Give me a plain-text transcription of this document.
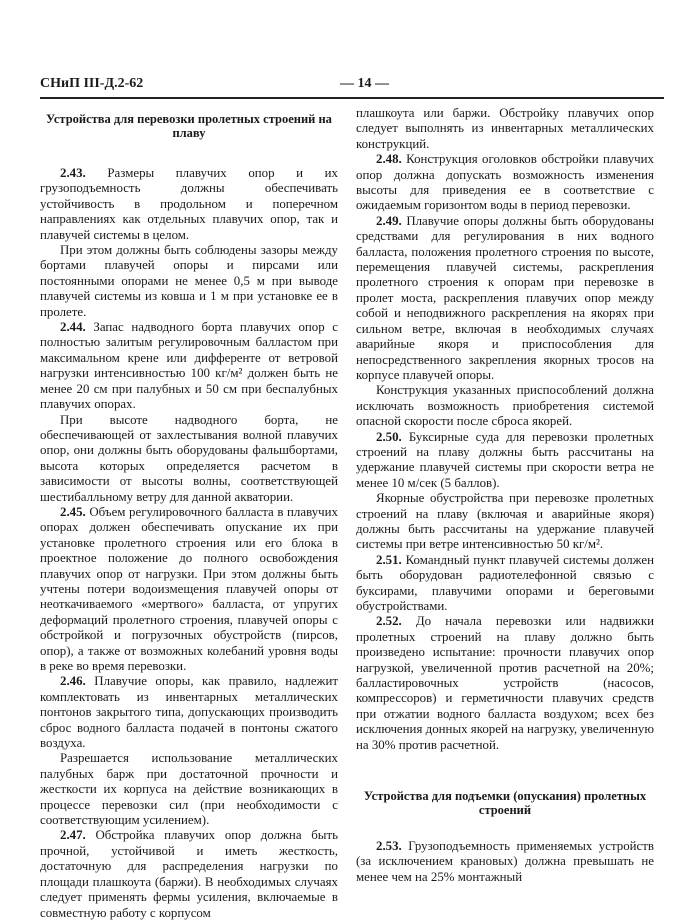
СНиП III-Д.2-62	— 14 —
Устройства для перевозки пролетных строений на плаву

2.43. Размеры плавучих опор и их грузоподъемность должны обеспечивать устойчивость в продольном и поперечном направлениях как отдельных плавучих опор, так и плавучей системы в целом.

При этом должны быть соблюдены зазоры между бортами плавучей опоры и пирсами или постоянными опорами не менее 0,5 м при выводе плавучей системы из ковша и 1 м при установке ее в пролете.

2.44. Запас надводного борта плавучих опор с полностью залитым регулировочным балластом при максимальном крене или дифференте от ветровой нагрузки интенсивностью 100 кг/м² должен быть не менее 20 см при палубных и 50 см при беспалубных плавучих опорах.

При высоте надводного борта, не обеспечивающей от захлестывания волной плавучих опор, они должны быть оборудованы фальшбортами, высота которых определяется расчетом в зависимости от высоты волны, соответствующей шестибалльному ветру для данной акватории.

2.45. Объем регулировочного балласта в плавучих опорах должен обеспечивать опускание их при установке пролетного строения или его блока в проектное положение до полного освобождения плавучих опор от нагрузки. При этом должны быть учтены потери водоизмещения плавучей опоры от неоткачиваемого «мертвого» балласта, от упругих деформаций пролетного строения, плавучей опоры с обстройкой и погрузочных обустройств (пирсов, опор), а также от возможных колебаний уровня воды в реке во время перевозки.

2.46. Плавучие опоры, как правило, надлежит комплектовать из инвентарных металлических понтонов закрытого типа, допускающих производить сброс водного балласта подачей в понтоны сжатого воздуха.

Разрешается использование металлических палубных барж при достаточной прочности и жесткости их корпуса на действие возникающих в процессе перевозки сил (при необходимости с соответствующим усилением).

2.47. Обстройка плавучих опор должна быть прочной, устойчивой и иметь жесткость, достаточную для распределения нагрузки по площади плашкоута (баржи). В необходимых случаях следует применять фермы усиления, включаемые в совместную работу с корпусом

плашкоута или баржи. Обстройку плавучих опор следует выполнять из инвентарных металлических конструкций.

2.48. Конструкция оголовков обстройки плавучих опор должна допускать возможность изменения высоты для приведения ее в соответствие с ожидаемым горизонтом воды в период перевозки.

2.49. Плавучие опоры должны быть оборудованы средствами для регулирования в них водного балласта, положения пролетного строения по высоте, перемещения плавучей системы, раскрепления пролетного строения к опорам при перевозке в пролет моста, раскрепления плавучих опор между собой и неподвижного раскрепления на якорях при сильном ветре, включая в необходимых случаях аварийные якоря и приспособления для непосредственного закрепления якорных тросов на корпусе плавучей опоры.

Конструкция указанных приспособлений должна исключать возможность приобретения системой опасной скорости после сброса якорей.

2.50. Буксирные суда для перевозки пролетных строений на плаву должны быть рассчитаны на удержание плавучей системы при скорости ветра не менее 10 м/сек (5 баллов).

Якорные обустройства при перевозке пролетных строений на плаву (включая и аварийные якоря) должны быть рассчитаны на удержание плавучей системы при ветре интенсивностью 50 кг/м².

2.51. Командный пункт плавучей системы должен быть оборудован радиотелефонной связью с буксирами, плавучими опорами и береговыми обустройствами.

2.52. До начала перевозки или надвижки пролетных строений на плаву должно быть произведено испытание: прочности плавучих опор нагрузкой, увеличенной против расчетной на 20%; балластировочных устройств (насосов, компрессоров) и герметичности плавучих средств при отжатии водного балласта воздухом; всех без исключения донных якорей на нагрузку, увеличенную на 30% против расчетной.

Устройства для подъемки (опускания) пролетных строений

2.53. Грузоподъемность применяемых устройств (за исключением крановых) должна превышать не менее чем на 25% монтажный
